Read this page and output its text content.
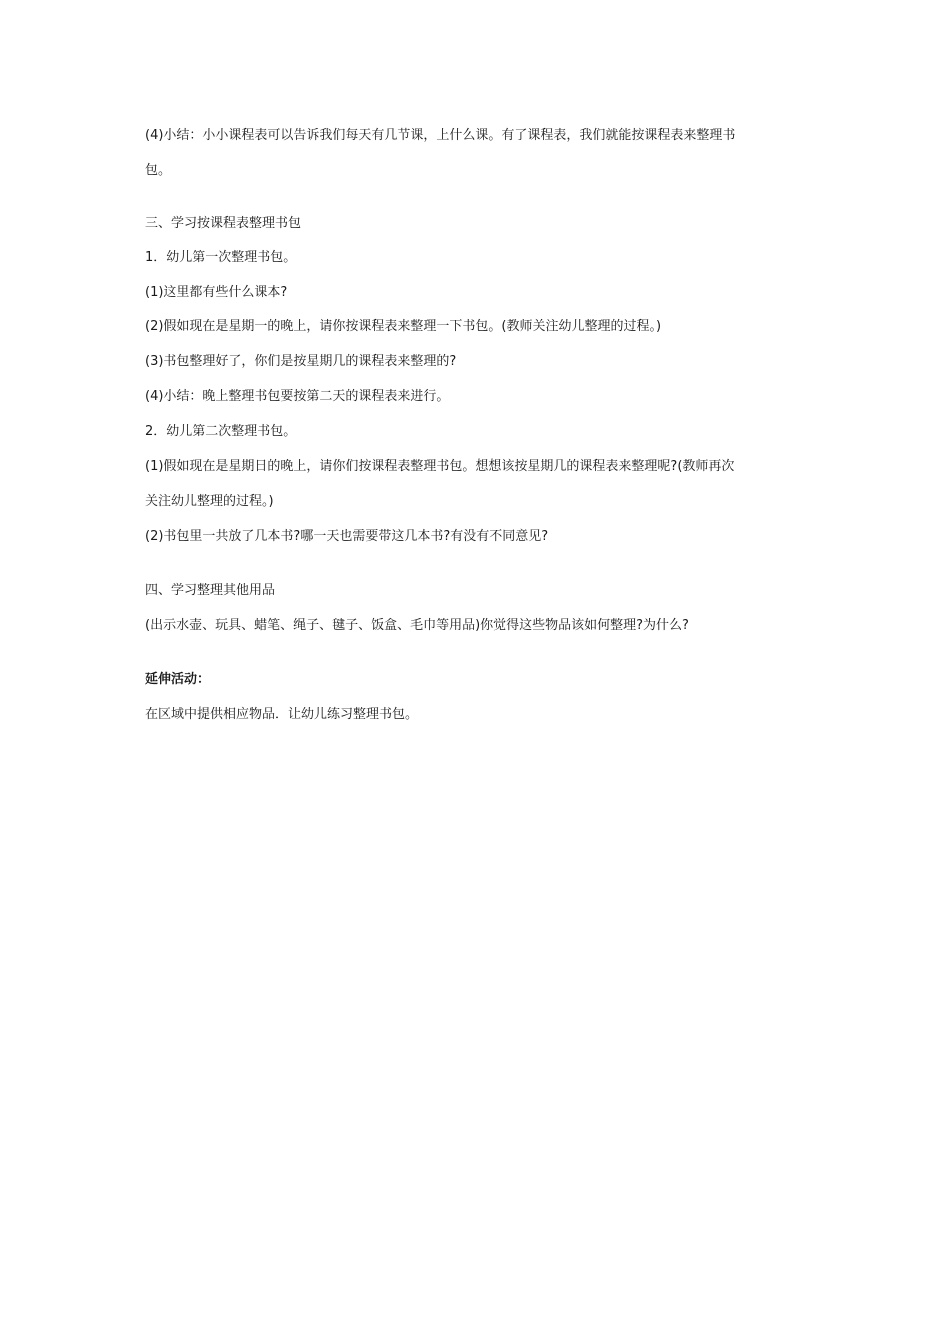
(4)小结：小小课程表可以告诉我们每天有几节课，上什么课。有了课程表，我们就能按课程表来整理书
包。
三、学习按课程表整理书包
1．幼儿第一次整理书包。
(1)这里都有些什么课本?
(2)假如现在是星期一的晚上，请你按课程表来整理一下书包。(教师关注幼儿整理的过程。)
(3)书包整理好了，你们是按星期几的课程表来整理的?
(4)小结：晚上整理书包要按第二天的课程表来进行。
2．幼儿第二次整理书包。
(1)假如现在是星期日的晚上，请你们按课程表整理书包。想想该按星期几的课程表来整理呢?(教师再次
关注幼儿整理的过程。)
(2)书包里一共放了几本书?哪一天也需要带这几本书?有没有不同意见?
四、学习整理其他用品
(出示水壶、玩具、蜡笔、绳子、毽子、饭盒、毛巾等用品)你觉得这些物品该如何整理?为什么?
延伸活动：
在区域中提供相应物品．让幼儿练习整理书包。
